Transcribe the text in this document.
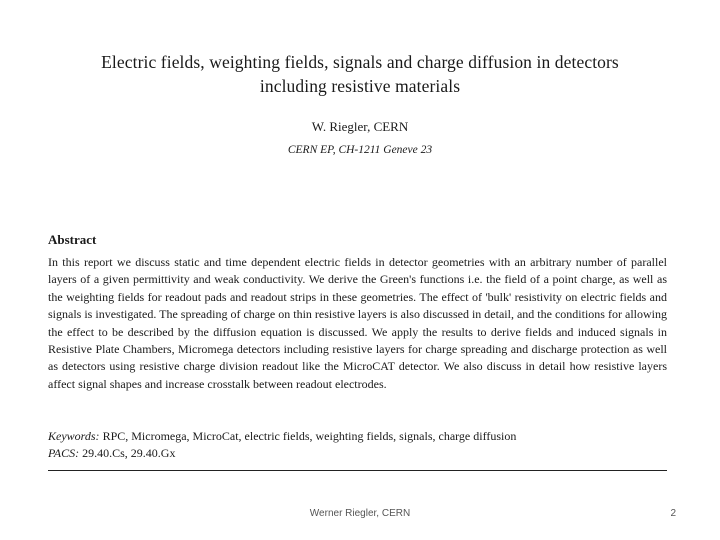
Electric fields, weighting fields, signals and charge diffusion in detectors
including resistive materials
W. Riegler, CERN
CERN EP, CH-1211 Geneve 23
Abstract
In this report we discuss static and time dependent electric fields in detector geometries with an arbitrary number of parallel layers of a given permittivity and weak conductivity. We derive the Green's functions i.e. the field of a point charge, as well as the weighting fields for readout pads and readout strips in these geometries. The effect of 'bulk' resistivity on electric fields and signals is investigated. The spreading of charge on thin resistive layers is also discussed in detail, and the conditions for allowing the effect to be described by the diffusion equation is discussed. We apply the results to derive fields and induced signals in Resistive Plate Chambers, Micromega detectors including resistive layers for charge spreading and discharge protection as well as detectors using resistive charge division readout like the MicroCAT detector. We also discuss in detail how resistive layers affect signal shapes and increase crosstalk between readout electrodes.
Keywords: RPC, Micromega, MicroCat, electric fields, weighting fields, signals, charge diffusion
PACS: 29.40.Cs, 29.40.Gx
Werner Riegler, CERN	2
